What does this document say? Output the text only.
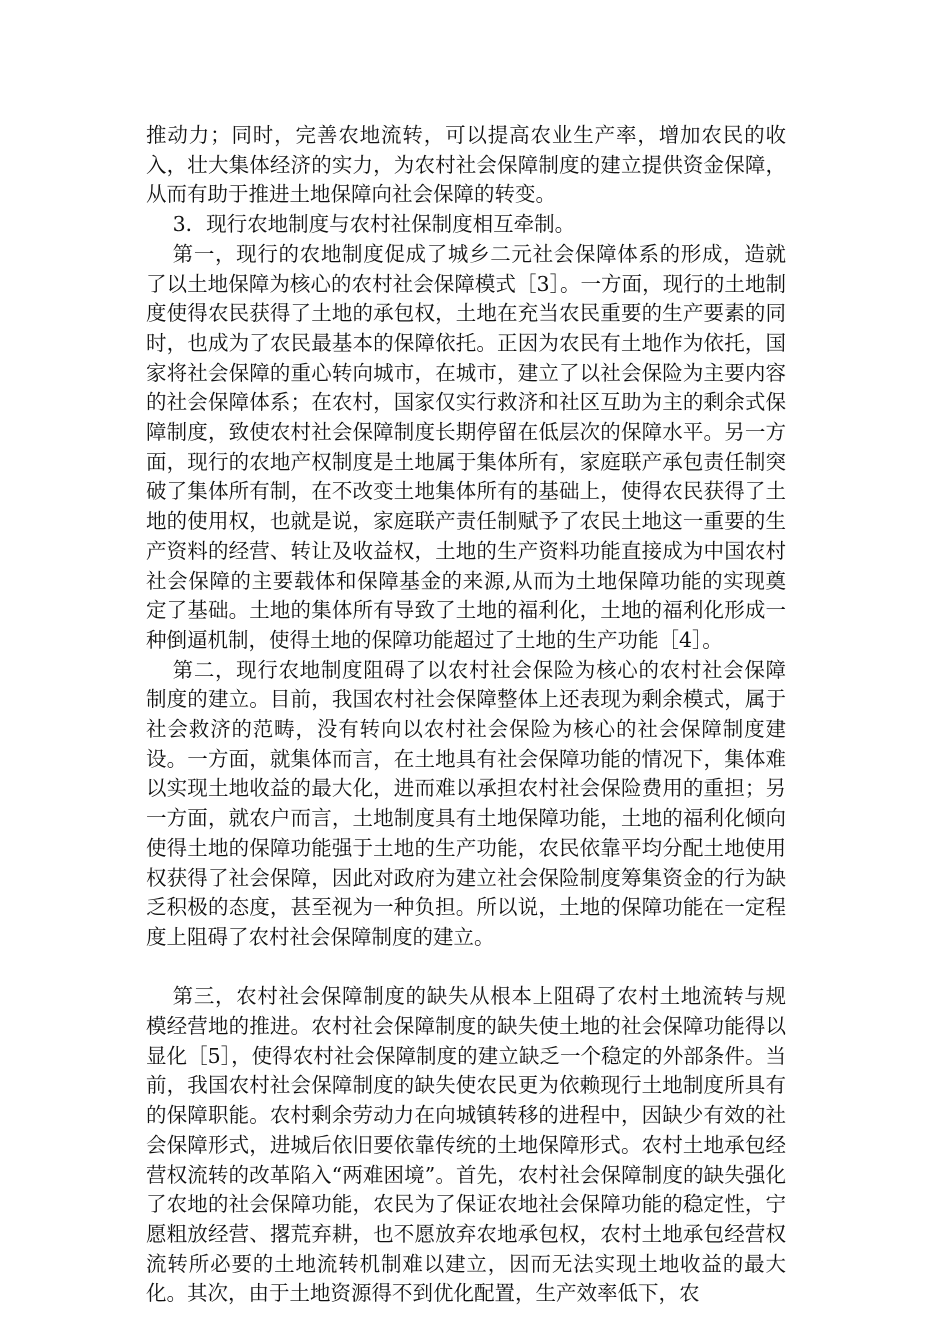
推动力；同时，完善农地流转，可以提高农业生产率，增加农民的收入，壮大集体经济的实力，为农村社会保障制度的建立提供资金保障，从而有助于推进土地保障向社会保障的转变。

3．现行农地制度与农村社保制度相互牵制。

第一，现行的农地制度促成了城乡二元社会保障体系的形成，造就了以土地保障为核心的农村社会保障模式［3］。一方面，现行的土地制度使得农民获得了土地的承包权，土地在充当农民重要的生产要素的同时，也成为了农民最基本的保障依托。正因为农民有土地作为依托，国家将社会保障的重心转向城市，在城市，建立了以社会保险为主要内容的社会保障体系；在农村，国家仅实行救济和社区互助为主的剩余式保障制度，致使农村社会保障制度长期停留在低层次的保障水平。另一方面，现行的农地产权制度是土地属于集体所有，家庭联产承包责任制突破了集体所有制，在不改变土地集体所有的基础上，使得农民获得了土地的使用权，也就是说，家庭联产责任制赋予了农民土地这一重要的生产资料的经营、转让及收益权，土地的生产资料功能直接成为中国农村社会保障的主要载体和保障基金的来源,从而为土地保障功能的实现奠定了基础。土地的集体所有导致了土地的福利化，土地的福利化形成一种倒逼机制，使得土地的保障功能超过了土地的生产功能［4］。

第二，现行农地制度阻碍了以农村社会保险为核心的农村社会保障制度的建立。目前，我国农村社会保障整体上还表现为剩余模式，属于社会救济的范畴，没有转向以农村社会保险为核心的社会保障制度建设。一方面，就集体而言，在土地具有社会保障功能的情况下，集体难以实现土地收益的最大化，进而难以承担农村社会保险费用的重担；另一方面，就农户而言，土地制度具有土地保障功能，土地的福利化倾向使得土地的保障功能强于土地的生产功能，农民依靠平均分配土地使用权获得了社会保障，因此对政府为建立社会保险制度筹集资金的行为缺乏积极的态度，甚至视为一种负担。所以说，土地的保障功能在一定程度上阻碍了农村社会保障制度的建立。

第三，农村社会保障制度的缺失从根本上阻碍了农村土地流转与规模经营地的推进。农村社会保障制度的缺失使土地的社会保障功能得以显化［5］，使得农村社会保障制度的建立缺乏一个稳定的外部条件。当前，我国农村社会保障制度的缺失使农民更为依赖现行土地制度所具有的保障职能。农村剩余劳动力在向城镇转移的进程中，因缺少有效的社会保障形式，进城后依旧要依靠传统的土地保障形式。农村土地承包经营权流转的改革陷入“两难困境”。首先，农村社会保障制度的缺失强化了农地的社会保障功能，农民为了保证农地社会保障功能的稳定性，宁愿粗放经营、撂荒弃耕，也不愿放弃农地承包权，农村土地承包经营权流转所必要的土地流转机制难以建立，因而无法实现土地收益的最大化。其次，由于土地资源得不到优化配置，生产效率低下，农
